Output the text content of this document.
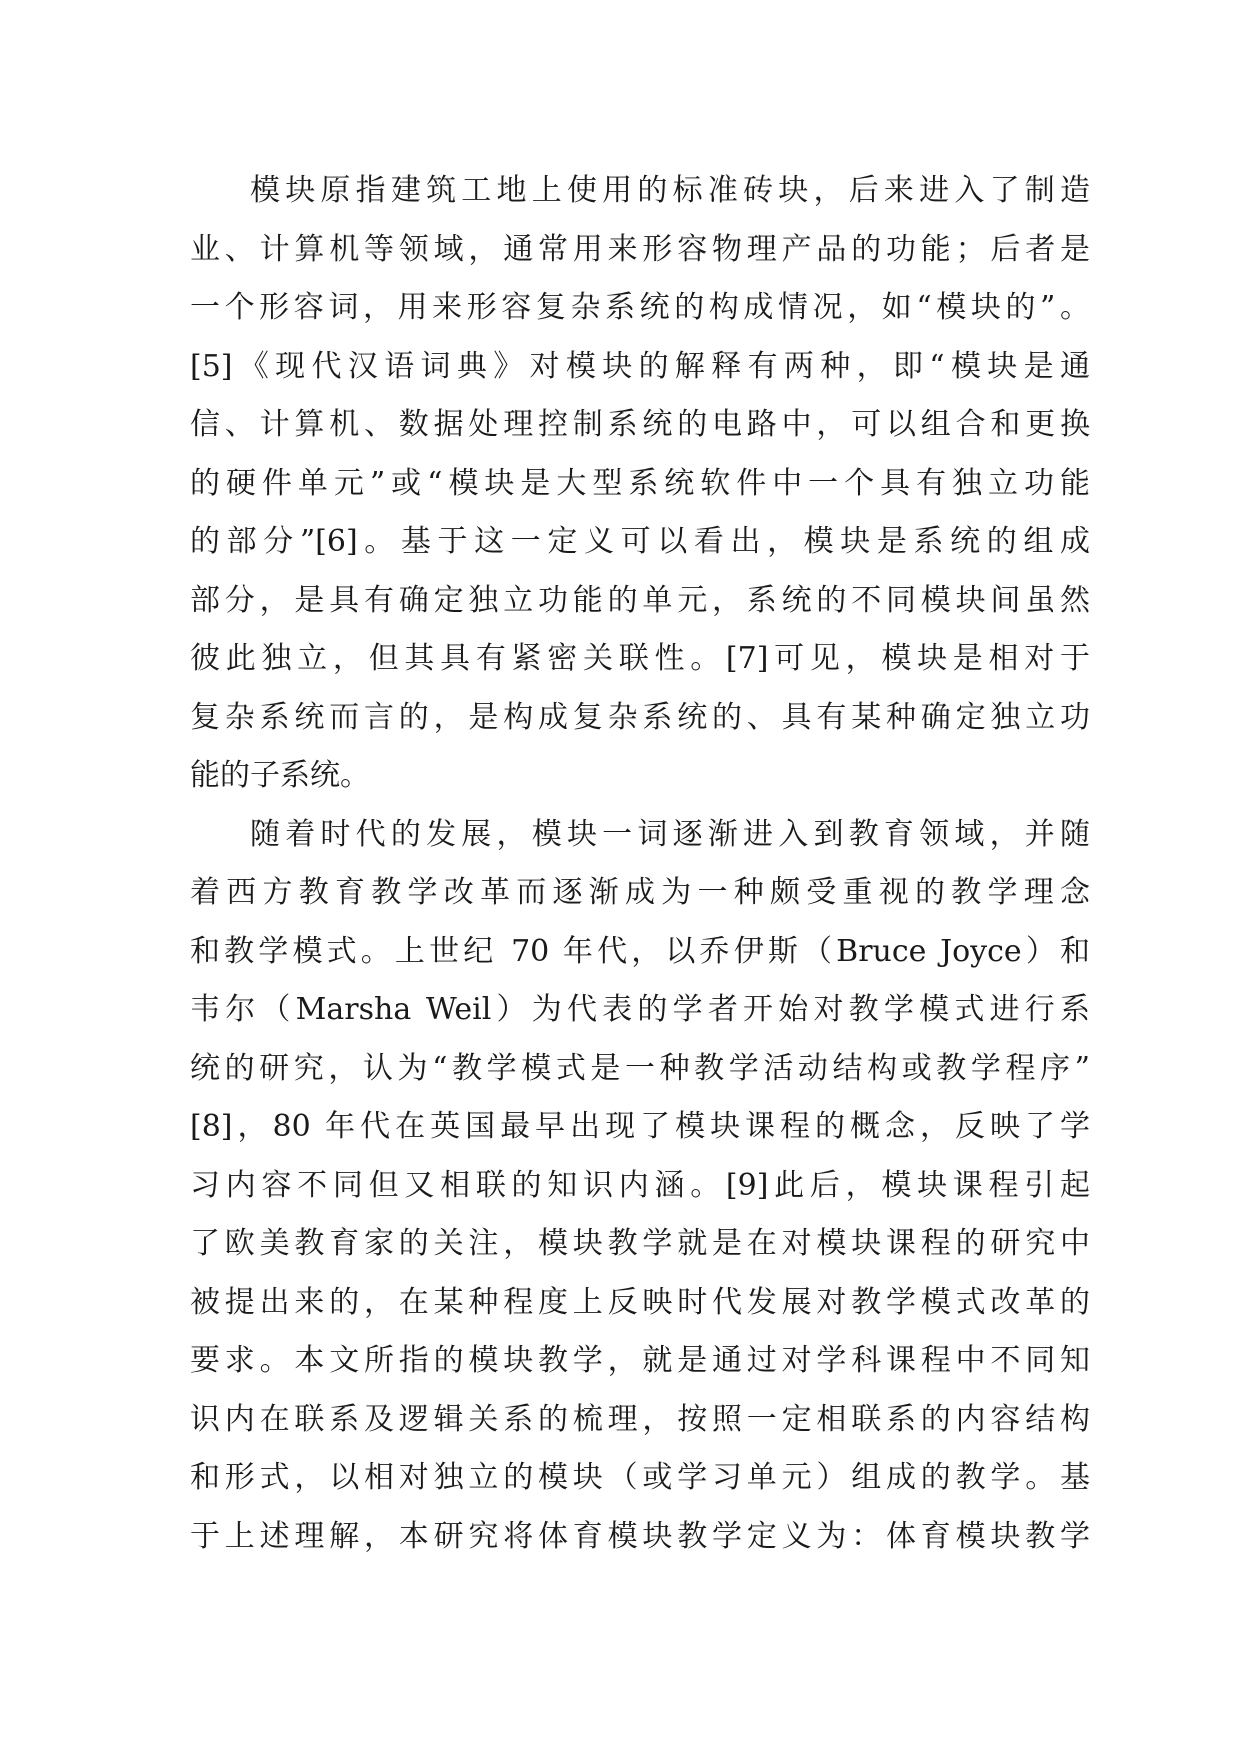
模块原指建筑工地上使用的标准砖块，后来进入了制造
业、计算机等领域，通常用来形容物理产品的功能；后者是
一个形容词，用来形容复杂系统的构成情况，如“模块的”。
[5]《现代汉语词典》对模块的解释有两种，即“模块是通
信、计算机、数据处理控制系统的电路中，可以组合和更换
的硬件单元”或“模块是大型系统软件中一个具有独立功能
的部分”[6]。基于这一定义可以看出，模块是系统的组成
部分，是具有确定独立功能的单元，系统的不同模块间虽然
彼此独立，但其具有紧密关联性。[7]可见，模块是相对于
复杂系统而言的，是构成复杂系统的、具有某种确定独立功
能的子系统。
随着时代的发展，模块一词逐渐进入到教育领域，并随
着西方教育教学改革而逐渐成为一种颇受重视的教学理念
和教学模式。上世纪 70 年代，以乔伊斯（Bruce Joyce）和
韦尔（Marsha Weil）为代表的学者开始对教学模式进行系
统的研究，认为“教学模式是一种教学活动结构或教学程序”
[8]，80 年代在英国最早出现了模块课程的概念，反映了学
习内容不同但又相联的知识内涵。[9]此后，模块课程引起
了欧美教育家的关注，模块教学就是在对模块课程的研究中
被提出来的，在某种程度上反映时代发展对教学模式改革的
要求。本文所指的模块教学，就是通过对学科课程中不同知
识内在联系及逻辑关系的梳理，按照一定相联系的内容结构
和形式，以相对独立的模块（或学习单元）组成的教学。基
于上述理解，本研究将体育模块教学定义为：体育模块教学
